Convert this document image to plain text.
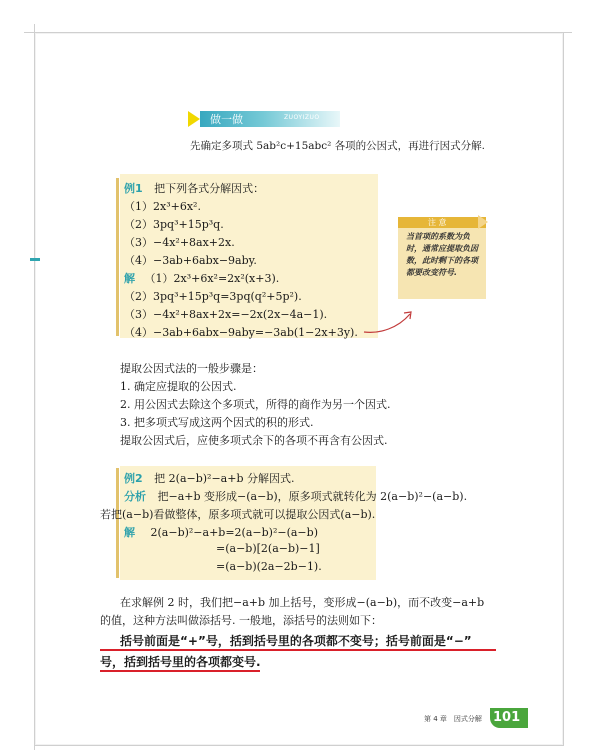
做一做	ZUOYIZUO
先确定多项式 5ab²c+15abc² 各项的公因式，再进行因式分解.
例1 把下列各式分解因式：
（1）2x³+6x².
（2）3pq³+15p³q.
（3）−4x²+8ax+2x.
（4）−3ab+6abx−9aby.
解 （1）2x³+6x²=2x²(x+3).
（2）3pq³+15p³q=3pq(q²+5p²).
（3）−4x²+8ax+2x=−2x(2x−4a−1).
（4）−3ab+6abx−9aby=−3ab(1−2x+3y).
注 意
当首项的系数为负时，通常应提取负因数，此时剩下的各项都要改变符号.
提取公因式法的一般步骤是：
1. 确定应提取的公因式.
2. 用公因式去除这个多项式，所得的商作为另一个因式.
3. 把多项式写成这两个因式的积的形式.
提取公因式后，应使多项式余下的各项不再含有公因式.
例2 把 2(a−b)²−a+b 分解因式.
分析 把−a+b 变形成−(a−b)，原多项式就转化为 2(a−b)²−(a−b).
若把(a−b)看做整体，原多项式就可以提取公因式(a−b).
解 2(a−b)²−a+b=2(a−b)²−(a−b)
=(a−b)[2(a−b)−1]
=(a−b)(2a−2b−1).
在求解例 2 时，我们把−a+b 加上括号，变形成−(a−b)，而不改变−a+b
的值，这种方法叫做添括号. 一般地，添括号的法则如下：
括号前面是“+”号，括到括号里的各项都不变号；括号前面是“−”
号，括到括号里的各项都变号.
第 4 章　因式分解 101
